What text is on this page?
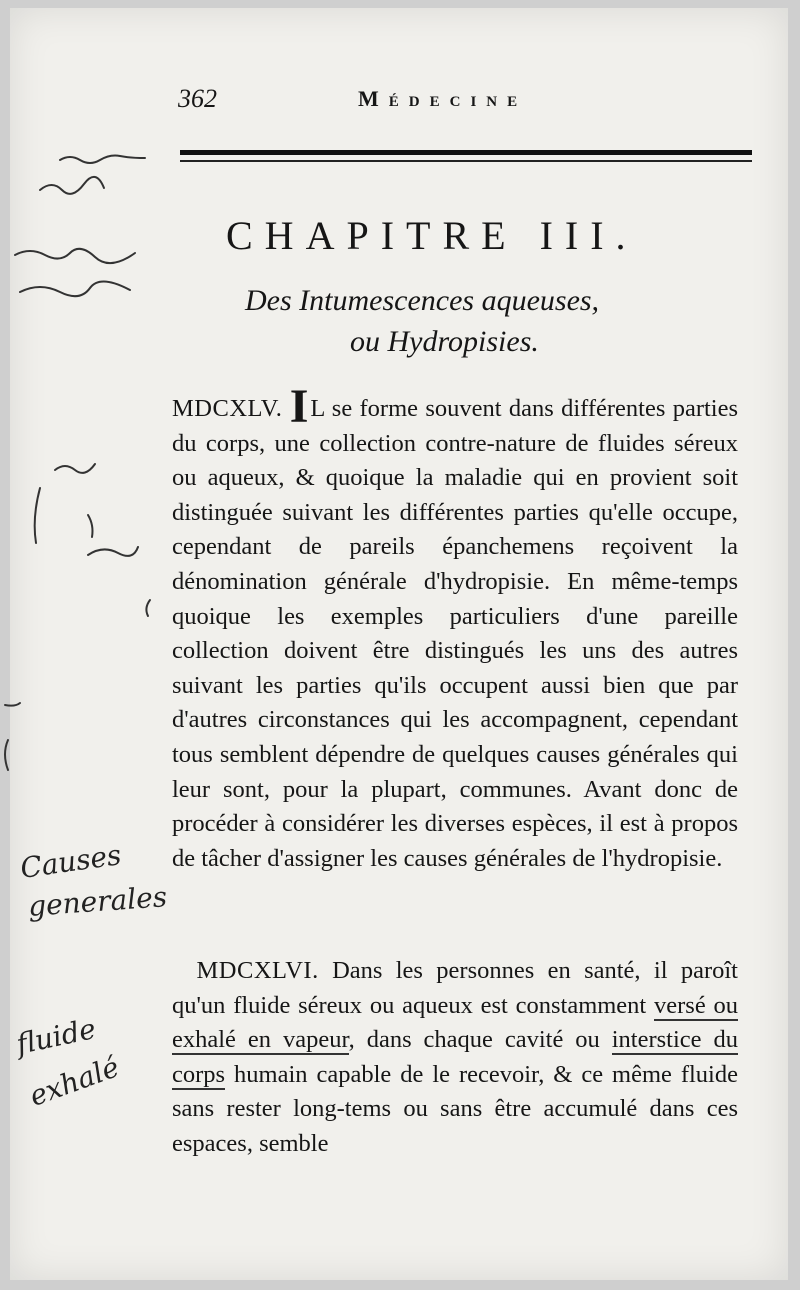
362	Médecine
CHAPITRE III.
Des Intumescences aqueuses,
ou Hydropisies.

MDCXLV. IL se forme souvent dans différentes parties du corps, une collection contre-nature de fluides séreux ou aqueux, & quoique la maladie qui en provient soit distinguée suivant les différentes parties qu'elle occupe, cependant de pareils épanchemens reçoivent la dénomination générale d'hydropisie. En même-temps quoique les exemples particuliers d'une pareille collection doivent être distingués les uns des autres suivant les parties qu'ils occupent aussi bien que par d'autres circonstances qui les accompagnent, cependant tous semblent dépendre de quelques causes générales qui leur sont, pour la plupart, communes. Avant donc de procéder à considérer les diverses espèces, il est à propos de tâcher d'assigner les causes générales de l'hydropisie.

 MDCXLVI. Dans les personnes en santé, il paroît qu'un fluide séreux ou aqueux est constamment versé ou exhalé en vapeur, dans chaque cavité ou interstice du corps humain capable de le recevoir, & ce même fluide sans rester long-tems ou sans être accumulé dans ces espaces, semble

Causes
generales
fluide
exhalé
